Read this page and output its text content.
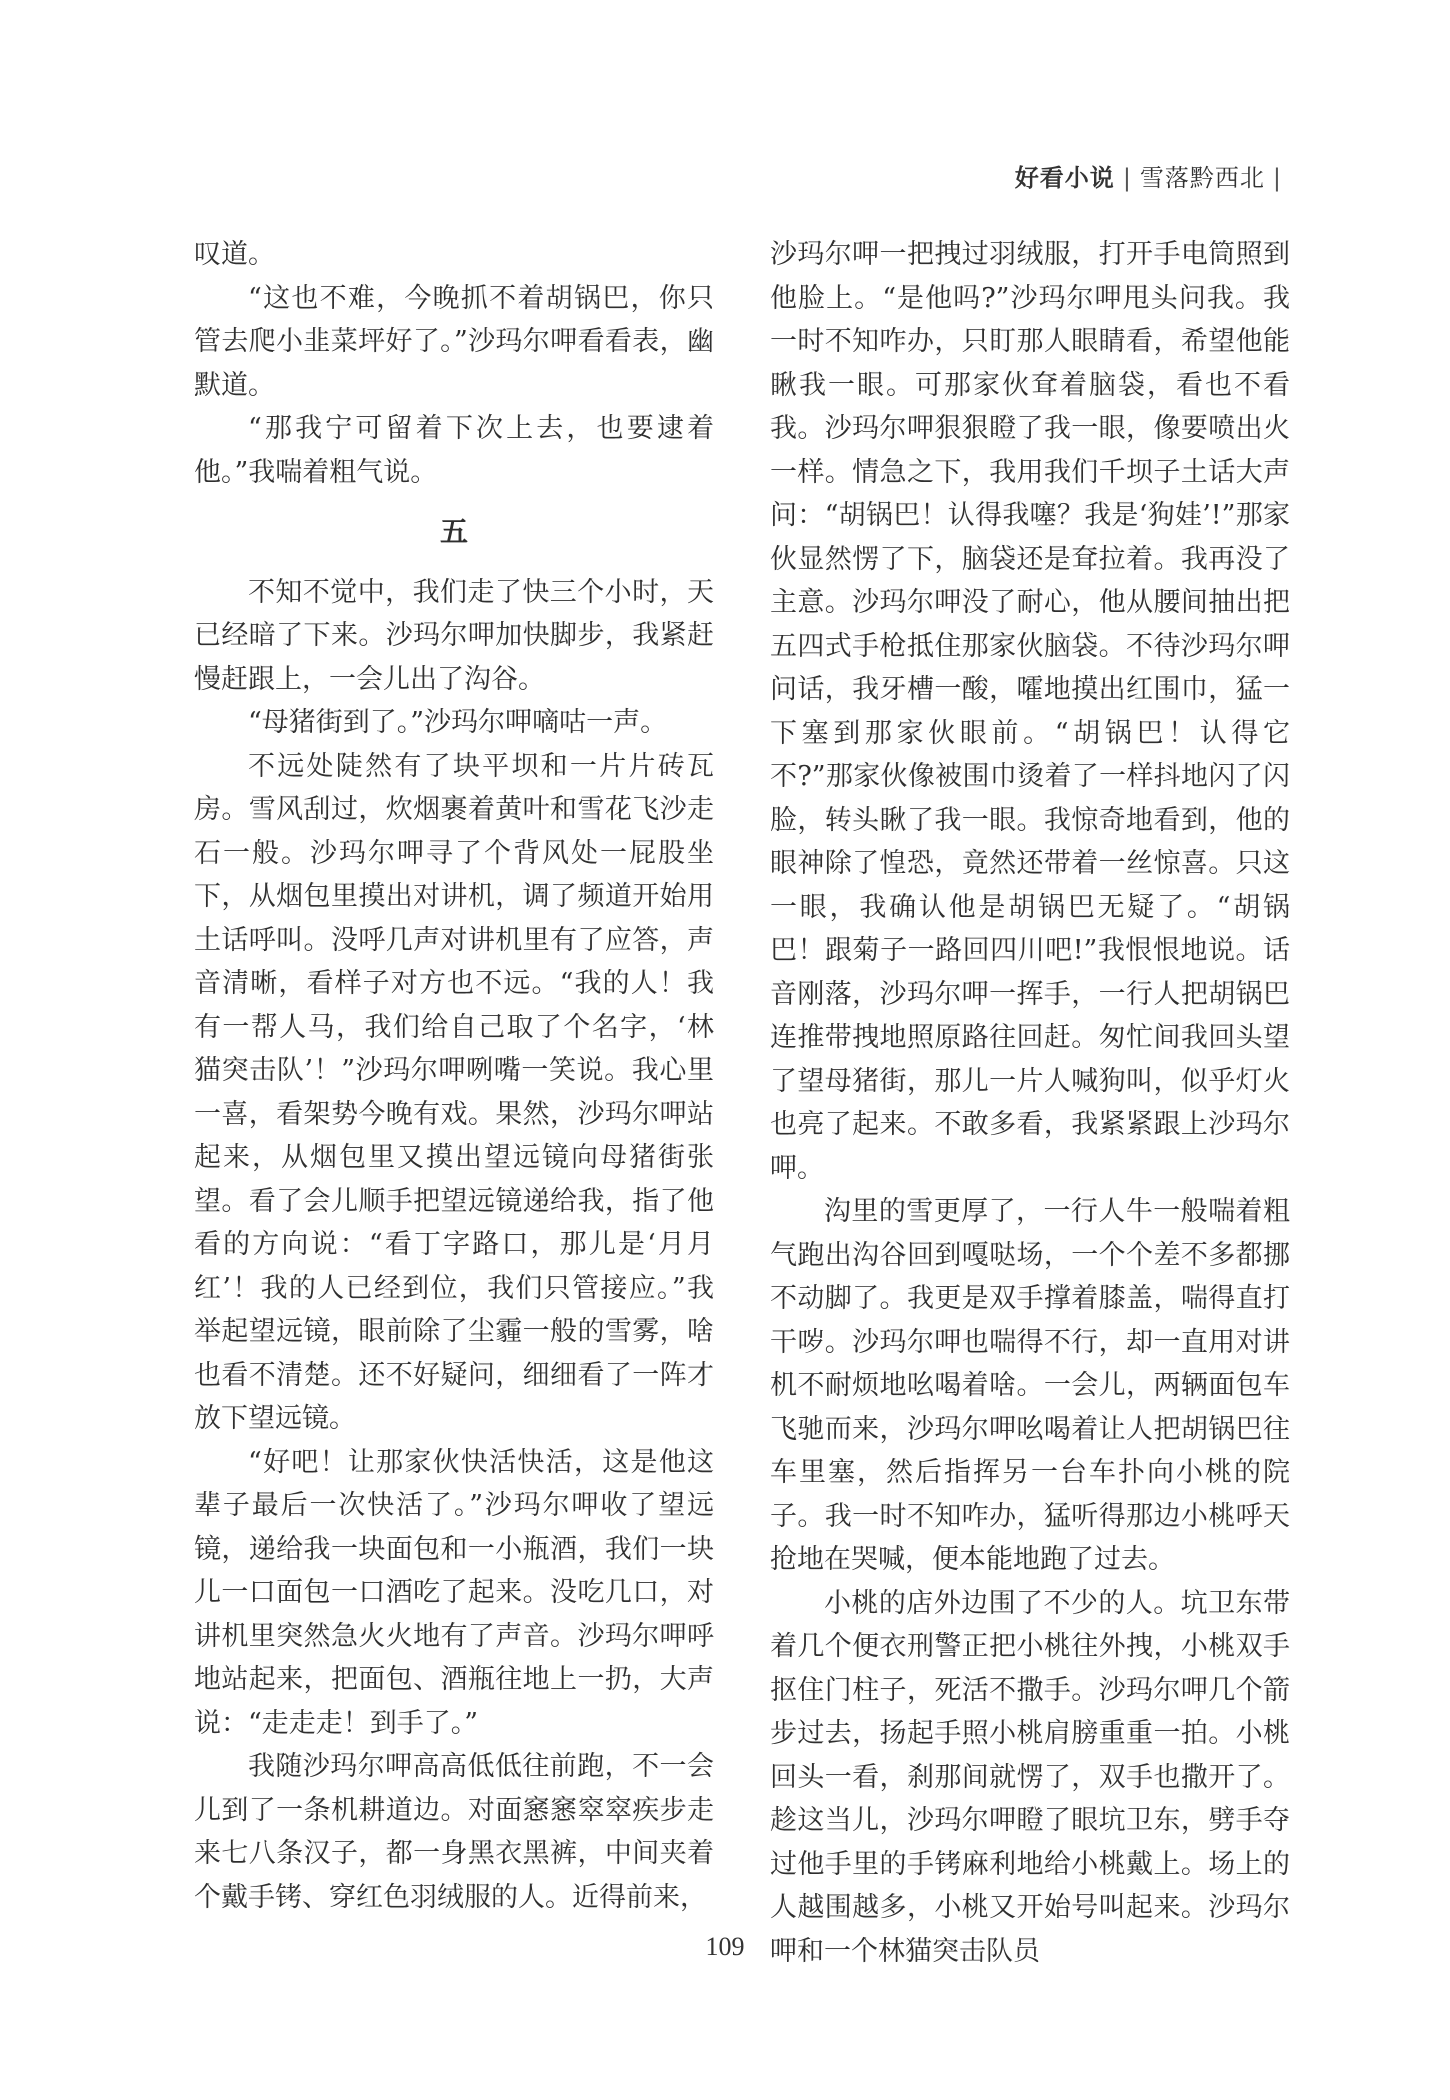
好看小说 | 雪落黔西北 |

叹道。

“这也不难，今晚抓不着胡锅巴，你只管去爬小韭菜坪好了。”沙玛尔呷看看表，幽默道。

“那我宁可留着下次上去，也要逮着他。”我喘着粗气说。

五

不知不觉中，我们走了快三个小时，天已经暗了下来。沙玛尔呷加快脚步，我紧赶慢赶跟上，一会儿出了沟谷。

“母猪街到了。”沙玛尔呷嘀咕一声。

不远处陡然有了块平坝和一片片砖瓦房。雪风刮过，炊烟裹着黄叶和雪花飞沙走石一般。沙玛尔呷寻了个背风处一屁股坐下，从烟包里摸出对讲机，调了频道开始用土话呼叫。没呼几声对讲机里有了应答，声音清晰，看样子对方也不远。“我的人！我有一帮人马，我们给自己取了个名字，‘林猫突击队’！”沙玛尔呷咧嘴一笑说。我心里一喜，看架势今晚有戏。果然，沙玛尔呷站起来，从烟包里又摸出望远镜向母猪街张望。看了会儿顺手把望远镜递给我，指了他看的方向说：“看丁字路口，那儿是‘月月红’！我的人已经到位，我们只管接应。”我举起望远镜，眼前除了尘霾一般的雪雾，啥也看不清楚。还不好疑问，细细看了一阵才放下望远镜。

“好吧！让那家伙快活快活，这是他这辈子最后一次快活了。”沙玛尔呷收了望远镜，递给我一块面包和一小瓶酒，我们一块儿一口面包一口酒吃了起来。没吃几口，对讲机里突然急火火地有了声音。沙玛尔呷呼地站起来，把面包、酒瓶往地上一扔，大声说：“走走走！到手了。”

我随沙玛尔呷高高低低往前跑，不一会儿到了一条机耕道边。对面窸窸窣窣疾步走来七八条汉子，都一身黑衣黑裤，中间夹着个戴手铐、穿红色羽绒服的人。近得前来，

沙玛尔呷一把拽过羽绒服，打开手电筒照到他脸上。“是他吗?”沙玛尔呷甩头问我。我一时不知咋办，只盯那人眼睛看，希望他能瞅我一眼。可那家伙耷着脑袋，看也不看我。沙玛尔呷狠狠瞪了我一眼，像要喷出火一样。情急之下，我用我们千坝子土话大声问：“胡锅巴！认得我噻？我是‘狗娃’!”那家伙显然愣了下，脑袋还是耷拉着。我再没了主意。沙玛尔呷没了耐心，他从腰间抽出把五四式手枪抵住那家伙脑袋。不待沙玛尔呷问话，我牙槽一酸，嚯地摸出红围巾，猛一下塞到那家伙眼前。“胡锅巴！认得它不?”那家伙像被围巾烫着了一样抖地闪了闪脸，转头瞅了我一眼。我惊奇地看到，他的眼神除了惶恐，竟然还带着一丝惊喜。只这一眼，我确认他是胡锅巴无疑了。“胡锅巴！跟菊子一路回四川吧!”我恨恨地说。话音刚落，沙玛尔呷一挥手，一行人把胡锅巴连推带拽地照原路往回赶。匆忙间我回头望了望母猪街，那儿一片人喊狗叫，似乎灯火也亮了起来。不敢多看，我紧紧跟上沙玛尔呷。

沟里的雪更厚了，一行人牛一般喘着粗气跑出沟谷回到嘎哒场，一个个差不多都挪不动脚了。我更是双手撑着膝盖，喘得直打干哕。沙玛尔呷也喘得不行，却一直用对讲机不耐烦地吆喝着啥。一会儿，两辆面包车飞驰而来，沙玛尔呷吆喝着让人把胡锅巴往车里塞，然后指挥另一台车扑向小桃的院子。我一时不知咋办，猛听得那边小桃呼天抢地在哭喊，便本能地跑了过去。

小桃的店外边围了不少的人。坑卫东带着几个便衣刑警正把小桃往外拽，小桃双手抠住门柱子，死活不撒手。沙玛尔呷几个箭步过去，扬起手照小桃肩膀重重一拍。小桃回头一看，刹那间就愣了，双手也撒开了。趁这当儿，沙玛尔呷瞪了眼坑卫东，劈手夺过他手里的手铐麻利地给小桃戴上。场上的人越围越多，小桃又开始号叫起来。沙玛尔呷和一个林猫突击队员

109
